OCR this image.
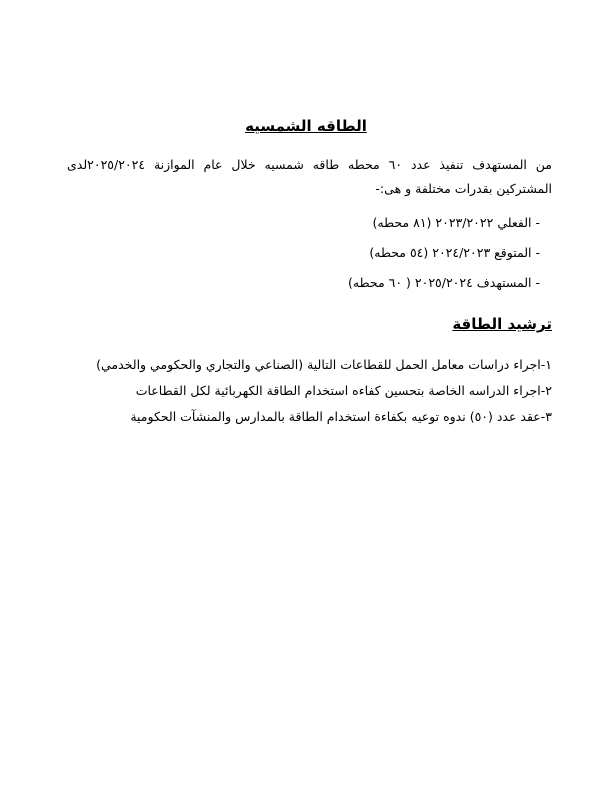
الطاقه الشمسيه

من المستهدف تنفيذ عدد ٦٠ محطه طاقه شمسيه خلال عام الموازنة ٢٠٢٥/٢٠٢٤لدى المشتركين بقدرات مختلفة و هى:-

- الفعلي ٢٠٢٣/٢٠٢٢ (٨١ محطه)
- المتوقع ٢٠٢٤/٢٠٢٣ (٥٤ محطه)
- المستهدف ٢٠٢٥/٢٠٢٤ ( ٦٠ محطه)
ترشيد الطاقة
١-اجراء دراسات معامل الحمل للقطاعات التالية (الصناعي والتجاري والحكومي والخدمي)
٢-اجراء الدراسه الخاصة بتحسين كفاءه استخدام الطاقة الكهربائية لكل القطاعات
٣-عقد عدد (٥٠) ندوه توعيه بكفاءة استخدام الطاقة بالمدارس والمنشآت الحكومية
